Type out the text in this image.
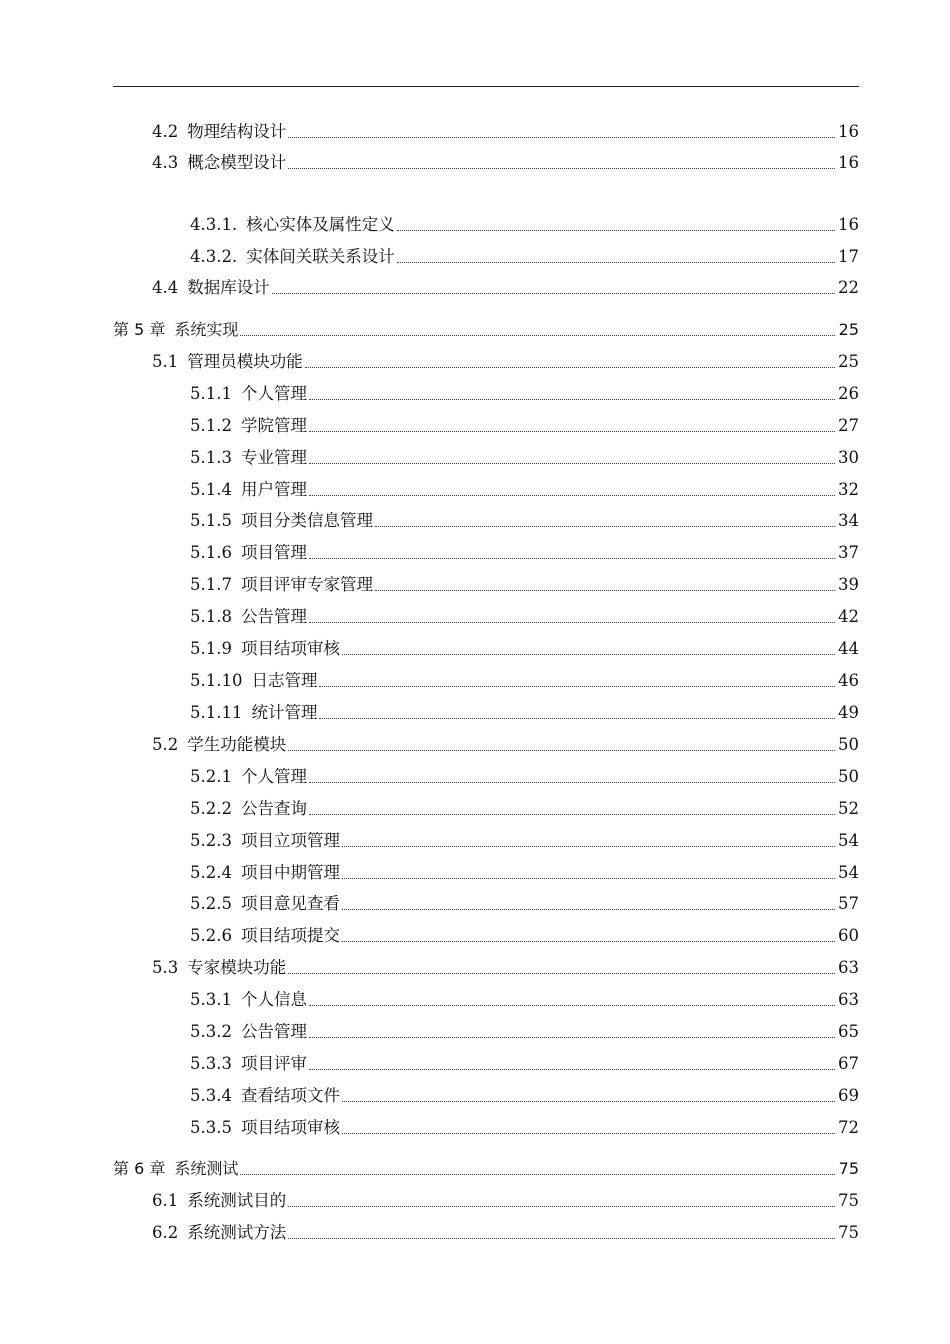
4.2 物理结构设计	16
4.3 概念模型设计	16
4.3.1. 核心实体及属性定义	16
4.3.2. 实体间关联关系设计	17
4.4 数据库设计	22
第 5 章 系统实现	25
5.1 管理员模块功能	25
5.1.1 个人管理	26
5.1.2 学院管理	27
5.1.3 专业管理	30
5.1.4 用户管理	32
5.1.5 项目分类信息管理	34
5.1.6 项目管理	37
5.1.7 项目评审专家管理	39
5.1.8 公告管理	42
5.1.9 项目结项审核	44
5.1.10 日志管理	46
5.1.11 统计管理	49
5.2 学生功能模块	50
5.2.1 个人管理	50
5.2.2 公告查询	52
5.2.3 项目立项管理	54
5.2.4 项目中期管理	54
5.2.5 项目意见查看	57
5.2.6 项目结项提交	60
5.3 专家模块功能	63
5.3.1 个人信息	63
5.3.2 公告管理	65
5.3.3 项目评审	67
5.3.4 查看结项文件	69
5.3.5 项目结项审核	72
第 6 章 系统测试	75
6.1 系统测试目的	75
6.2 系统测试方法	75
